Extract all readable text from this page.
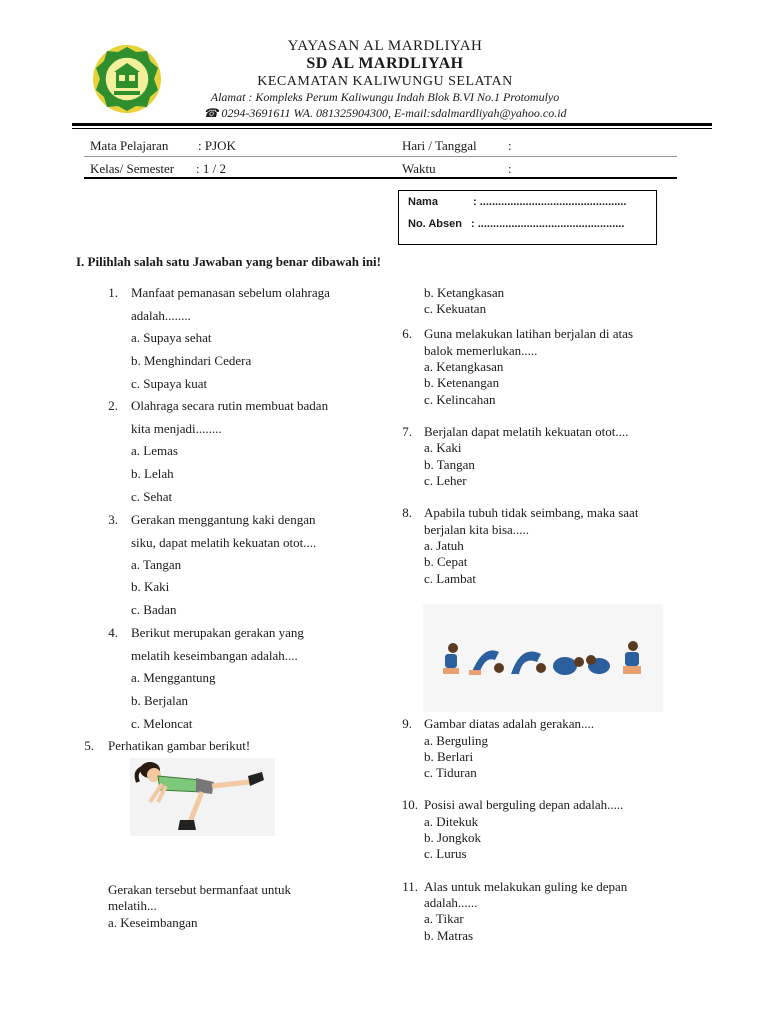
YAYASAN AL MARDLIYAH
SD AL MARDLIYAH
KECAMATAN KALIWUNGU SELATAN
Alamat : Kompleks Perum Kaliwungu Indah Blok B.VI No.1 Protomulyo
☎ 0294-3691611 WA. 081325904300, E-mail:sdalmardliyah@yahoo.co.id
Mata Pelajaran : PJOK
Kelas/ Semester : 1 / 2
Hari / Tanggal :
Waktu	:
Nama	: ................................................
No. Absen : ................................................
I. Pilihlah salah satu Jawaban yang benar dibawah ini!
1. Manfaat pemanasan sebelum olahraga
adalah........
a. Supaya sehat
b. Menghindari Cedera
c. Supaya kuat
2. Olahraga secara rutin membuat badan
kita menjadi........
a. Lemas
b. Lelah
c. Sehat
3. Gerakan menggantung kaki dengan
siku, dapat melatih kekuatan otot....
a. Tangan
b. Kaki
c. Badan
4. Berikut merupakan gerakan yang
melatih keseimbangan adalah....
a. Menggantung
b. Berjalan
c. Meloncat
5. Perhatikan gambar berikut!
Gerakan tersebut bermanfaat untuk
melatih...
a. Keseimbangan
b. Ketangkasan
c. Kekuatan
6. Guna melakukan latihan berjalan di atas
balok memerlukan.....
a. Ketangkasan
b. Ketenangan
c. Kelincahan
7. Berjalan dapat melatih kekuatan otot....
a. Kaki
b. Tangan
c. Leher
8. Apabila tubuh tidak seimbang, maka saat
berjalan kita bisa.....
a. Jatuh
b. Cepat
c. Lambat
9. Gambar diatas adalah gerakan....
a. Berguling
b. Berlari
c. Tiduran
10. Posisi awal berguling depan adalah.....
a. Ditekuk
b. Jongkok
c. Lurus
11. Alas untuk melakukan guling ke depan
adalah......
a. Tikar
b. Matras
